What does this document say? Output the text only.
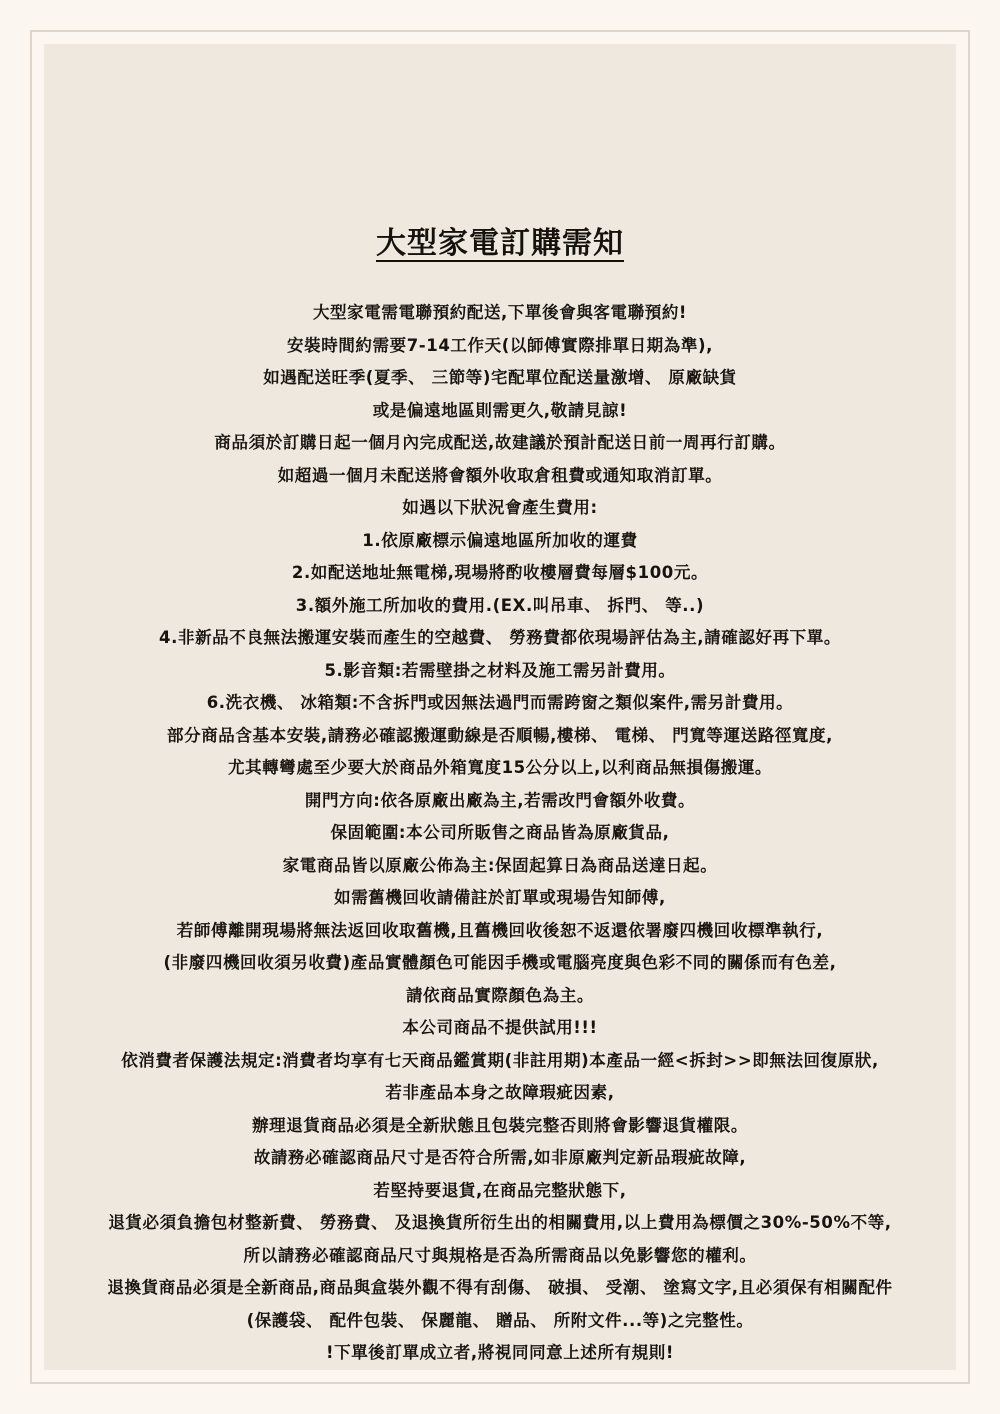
大型家電訂購需知
大型家電需電聯預約配送,下單後會與客電聯預約!
安裝時間約需要7-14工作天(以師傅實際排單日期為準),
如遇配送旺季(夏季、 三節等)宅配單位配送量激增、 原廠缺貨
或是偏遠地區則需更久,敬請見諒!
商品須於訂購日起一個月內完成配送,故建議於預計配送日前一周再行訂購。
如超過一個月未配送將會額外收取倉租費或通知取消訂單。
如遇以下狀況會產生費用:
1.依原廠標示偏遠地區所加收的運費
2.如配送地址無電梯,現場將酌收樓層費每層$100元。
3.額外施工所加收的費用.(EX.叫吊車、 拆門、 等..)
4.非新品不良無法搬運安裝而產生的空越費、 勞務費都依現場評估為主,請確認好再下單。
5.影音類:若需壁掛之材料及施工需另計費用。
6.洗衣機、 冰箱類:不含拆門或因無法過門而需跨窗之類似案件,需另計費用。
部分商品含基本安裝,請務必確認搬運動線是否順暢,樓梯、 電梯、 門寬等運送路徑寬度,
尤其轉彎處至少要大於商品外箱寬度15公分以上,以利商品無損傷搬運。
開門方向:依各原廠出廠為主,若需改門會額外收費。
保固範圍:本公司所販售之商品皆為原廠貨品,
家電商品皆以原廠公佈為主:保固起算日為商品送達日起。
如需舊機回收請備註於訂單或現場告知師傅,
若師傅離開現場將無法返回收取舊機,且舊機回收後恕不返還依署廢四機回收標準執行,
(非廢四機回收須另收費)產品實體顏色可能因手機或電腦亮度與色彩不同的關係而有色差,
請依商品實際顏色為主。
本公司商品不提供試用!!!
依消費者保護法規定:消費者均享有七天商品鑑賞期(非註用期)本產品一經<拆封>>即無法回復原狀,
若非產品本身之故障瑕疵因素,
辦理退貨商品必須是全新狀態且包裝完整否則將會影響退貨權限。
故請務必確認商品尺寸是否符合所需,如非原廠判定新品瑕疵故障,
若堅持要退貨,在商品完整狀態下,
退貨必須負擔包材整新費、 勞務費、 及退換貨所衍生出的相關費用,以上費用為標價之30%-50%不等,
所以請務必確認商品尺寸與規格是否為所需商品以免影響您的權利。
退換貨商品必須是全新商品,商品與盒裝外觀不得有刮傷、 破損、 受潮、 塗寫文字,且必須保有相關配件
(保護袋、 配件包裝、 保麗龍、 贈品、 所附文件...等)之完整性。
!下單後訂單成立者,將視同同意上述所有規則!
